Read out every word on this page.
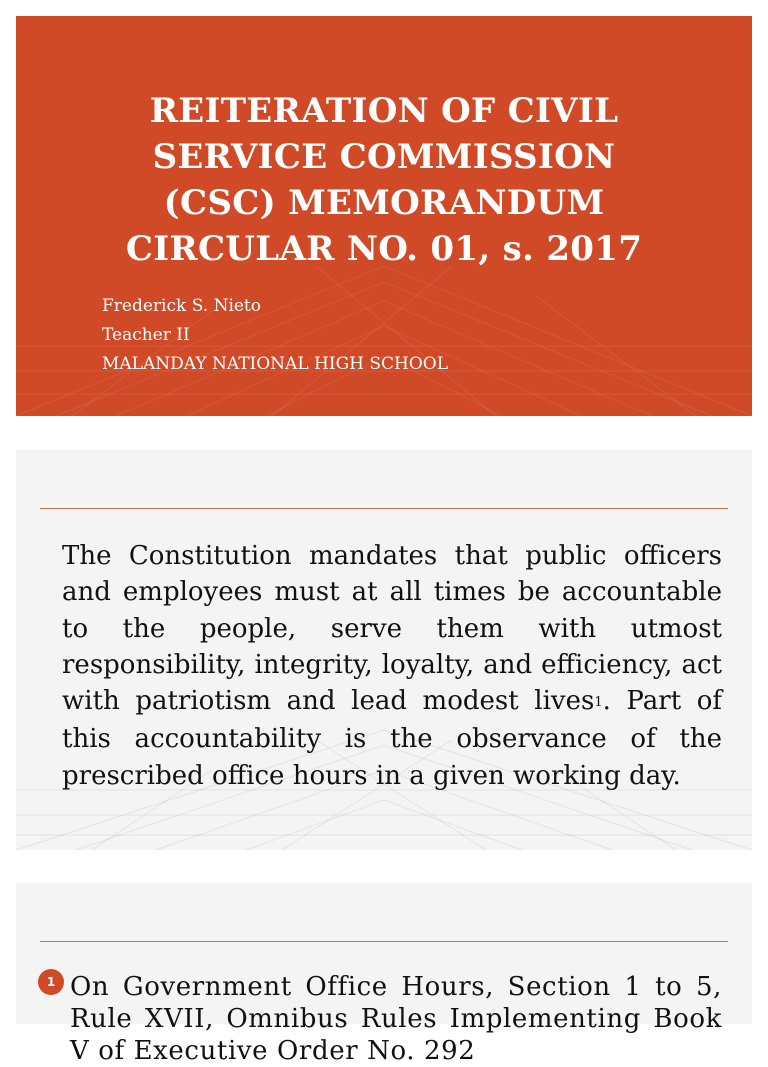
REITERATION OF CIVIL
SERVICE COMMISSION
(CSC) MEMORANDUM
CIRCULAR NO. 01, s. 2017
Frederick S. Nieto
Teacher II
MALANDAY NATIONAL HIGH SCHOOL

The Constitution mandates that public officers and employees must at all times be accountable to the people, serve them with utmost responsibility, integrity, loyalty, and efficiency, act with patriotism and lead modest lives$^1$. Part of this accountability is the observance of the prescribed office hours in a given working day.

1 On Government Office Hours, Section 1 to 5, Rule XVII, Omnibus Rules Implementing Book V of Executive Order No. 292
